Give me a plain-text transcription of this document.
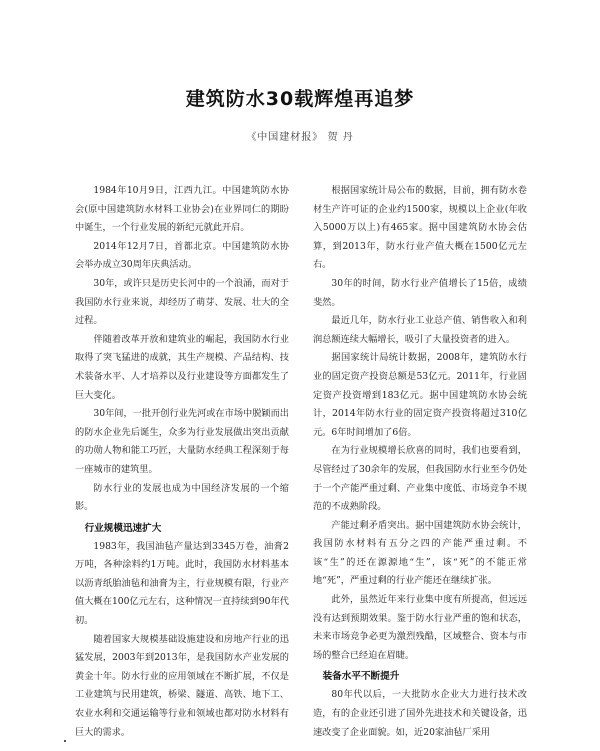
建筑防水30载辉煌再追梦
《中国建材报》 贺 丹

1984年10月9日，江西九江。中国建筑防水协会(原中国建筑防水材料工业协会)在业界同仁的期盼中诞生，一个行业发展的新纪元就此开启。

2014年12月7日，首都北京。中国建筑防水协会举办成立30周年庆典活动。

30年，或许只是历史长河中的一个浪涌，而对于我国防水行业来说，却经历了萌芽、发展、壮大的全过程。

伴随着改革开放和建筑业的崛起，我国防水行业取得了突飞猛进的成就，其生产规模、产品结构、技术装备水平、人才培养以及行业建设等方面都发生了巨大变化。

30年间，一批开创行业先河或在市场中脱颖而出的防水企业先后诞生，众多为行业发展做出突出贡献的功勋人物和能工巧匠，大量防水经典工程深刻于每一座城市的建筑里。

防水行业的发展也成为中国经济发展的一个缩影。

行业规模迅速扩大

1983年，我国油毡产量达到3345万卷，油膏2万吨，各种涂料约1万吨。此时，我国防水材料基本以沥青纸胎油毡和油膏为主，行业规模有限，行业产值大概在100亿元左右，这种情况一直持续到90年代初。

随着国家大规模基础设施建设和房地产行业的迅猛发展，2003年到2013年，是我国防水产业发展的黄金十年。防水行业的应用领域在不断扩展，不仅是工业建筑与民用建筑，桥梁、隧道、高铁、地下工、农业水利和交通运输等行业和领域也都对防水材料有巨大的需求。

根据国家统计局公布的数据，目前，拥有防水卷材生产许可证的企业约1500家，规模以上企业(年收入5000万以上)有465家。据中国建筑防水协会估算，到2013年，防水行业产值大概在1500亿元左右。

30年的时间，防水行业产值增长了15倍，成绩斐然。

最近几年，防水行业工业总产值、销售收入和利润总额连续大幅增长，吸引了大量投资者的进入。

据国家统计局统计数据，2008年，建筑防水行业的固定资产投资总额是53亿元。2011年，行业固定资产投资增到183亿元。据中国建筑防水协会统计，2014年防水行业的固定资产投资将超过310亿元。6年时间增加了6倍。

在为行业规模增长欣喜的同时，我们也要看到，尽管经过了30余年的发展，但我国防水行业至今仍处于一个产能严重过剩、产业集中度低、市场竞争不规范的不成熟阶段。

产能过剩矛盾突出。据中国建筑防水协会统计，我国防水材料有五分之四的产能严重过剩。不该“生”的还在源源地“生”，该“死”的不能正常地“死”，严重过剩的行业产能还在继续扩张。

此外，虽然近年来行业集中度有所提高，但远远没有达到预期效果。鉴于防水行业严重的饱和状态，未来市场竞争必更为激烈残酷，区域整合、资本与市场的整合已经迫在眉睫。

装备水平不断提升

80年代以后，一大批防水企业大力进行技术改造，有的企业还引进了国外先进技术和关键设备，迅速改变了企业面貌。如，近20家油毡厂采用
